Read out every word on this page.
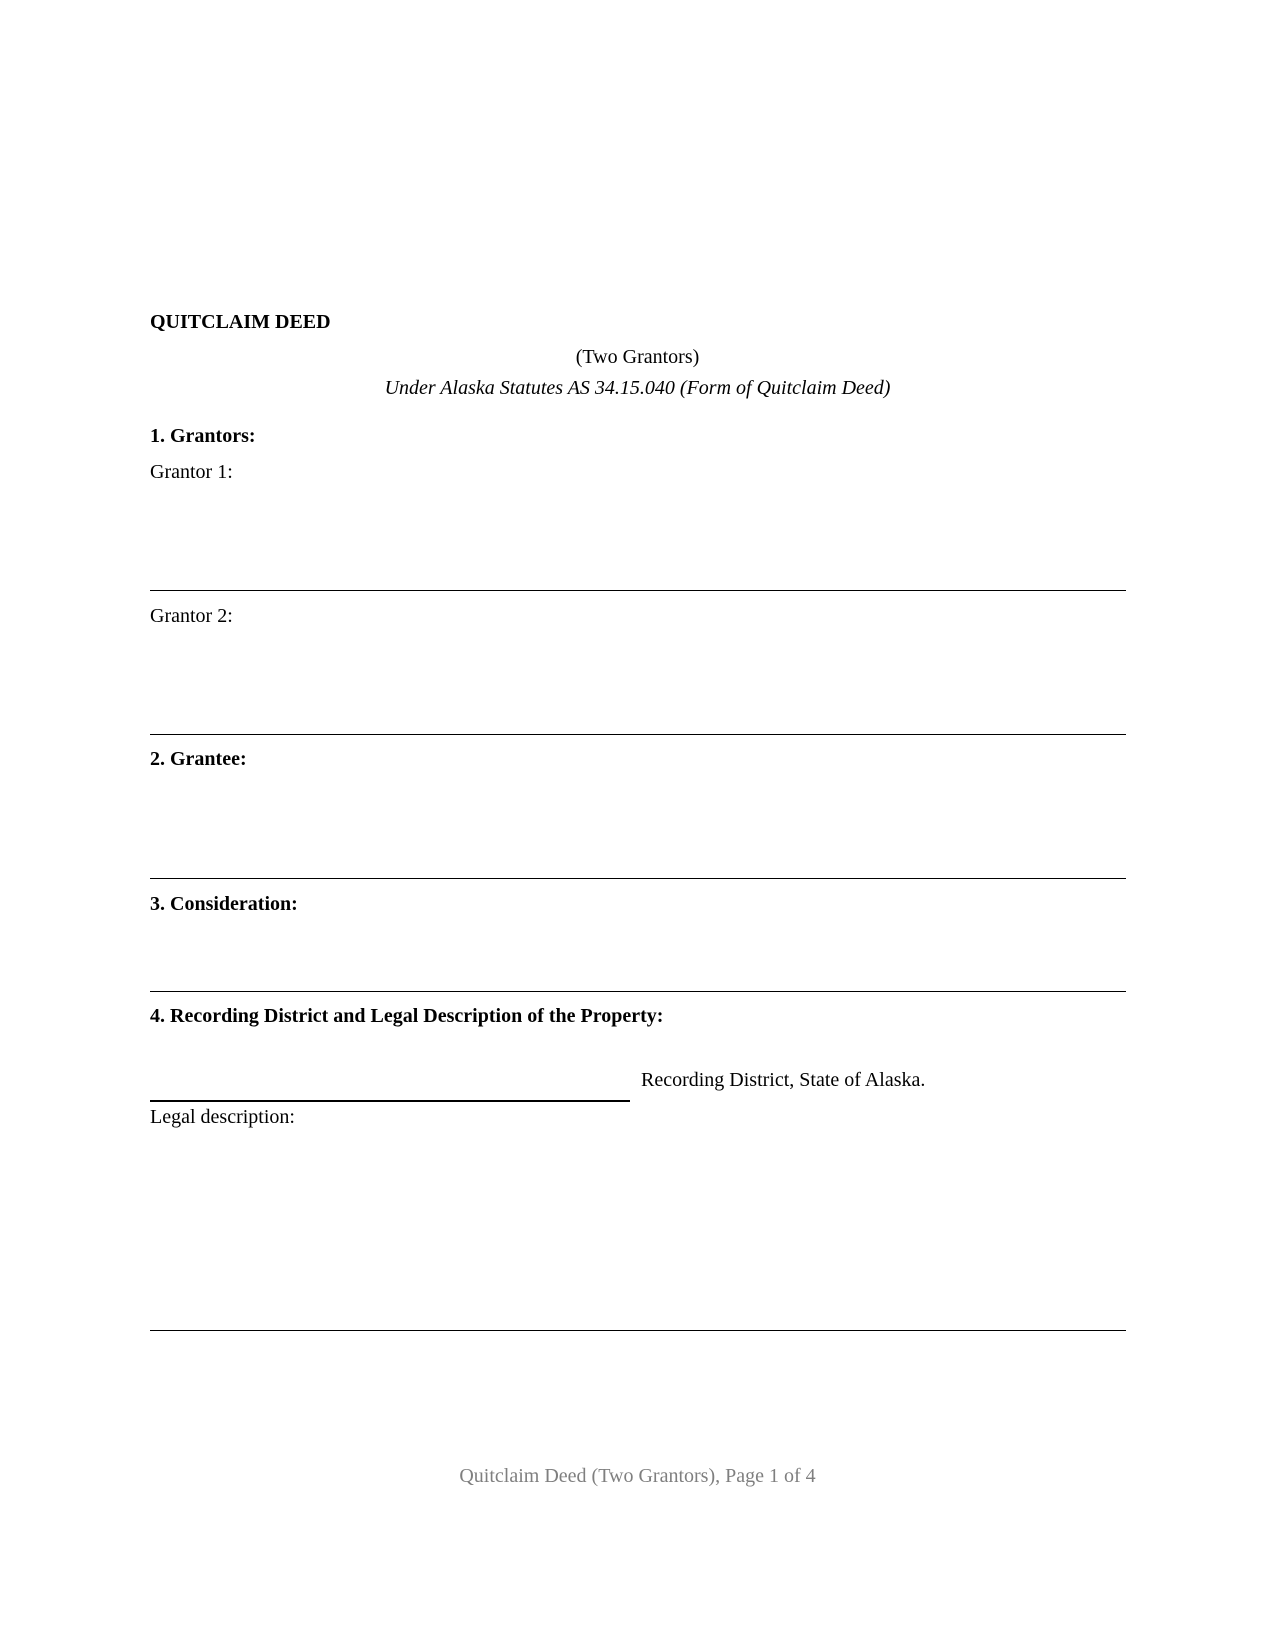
QUITCLAIM DEED
(Two Grantors)
Under Alaska Statutes AS 34.15.040 (Form of Quitclaim Deed)
1. Grantors:
Grantor 1:
Grantor 2:
2. Grantee:
3. Consideration:
4. Recording District and Legal Description of the Property:
Recording District, State of Alaska.
Legal description:
Quitclaim Deed (Two Grantors), Page 1 of 4
